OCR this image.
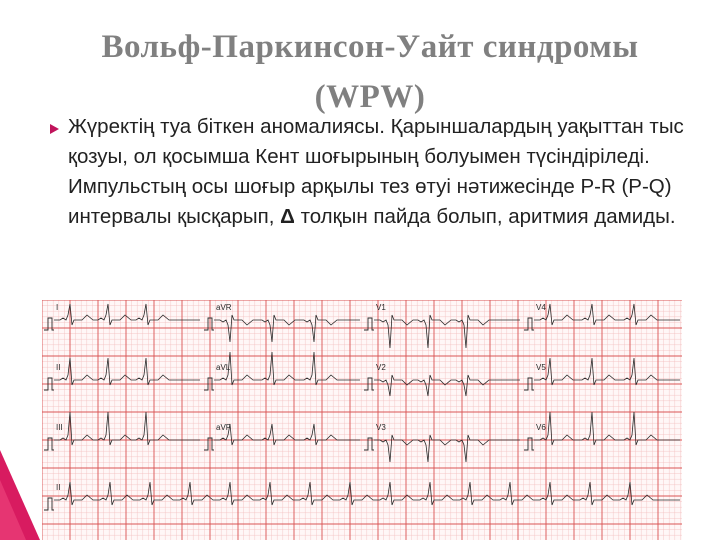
Вольф-Паркинсон-Уайт синдромы
(WPW)
Жүректің туа біткен аномалиясы. Қарыншалардың уақыттан тыс қозуы, ол қосымша Кент шоғырының болуымен түсіндіріледі. Импульстың осы шоғыр арқылы тез өтуі нәтижесінде P-R (P-Q) интервалы қысқарып, Δ толқын пайда болып, аритмия дамиды.
I	aVR	V1	V4
II	aVL	V2	V5
III	aVF	V3	V6
II
